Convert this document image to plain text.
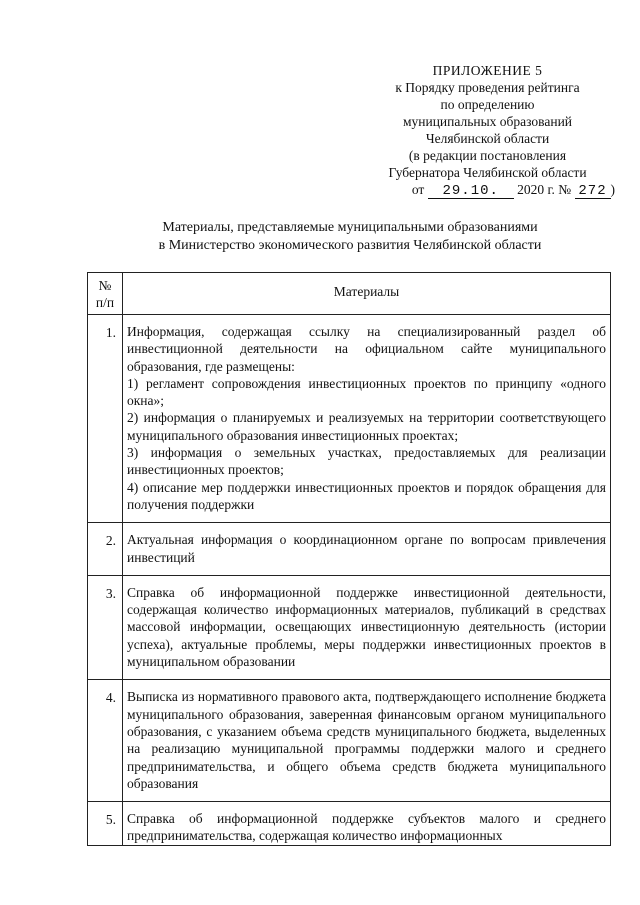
ПРИЛОЖЕНИЕ 5
к Порядку проведения рейтинга
по определению
муниципальных образований
Челябинской области
(в редакции постановления
Губернатора Челябинской области
от 29.10. 2020 г. № 272 )
Материалы, представляемые муниципальными образованиями
в Министерство экономического развития Челябинской области
№
п/п	Материалы
1.	Информация, содержащая ссылку на специализированный раздел об инвестиционной деятельности на официальном сайте муниципального образования, где размещены:
1) регламент сопровождения инвестиционных проектов по принципу «одного окна»;
2) информация о планируемых и реализуемых на территории соответствующего муниципального образования инвестиционных проектах;
3) информация о земельных участках, предоставляемых для реализации инвестиционных проектов;
4) описание мер поддержки инвестиционных проектов и порядок обращения для получения поддержки

2.	Актуальная информация о координационном органе по вопросам привлечения инвестиций
3.	Справка об информационной поддержке инвестиционной деятельности, содержащая количество информационных материалов, публикаций в средствах массовой информации, освещающих инвестиционную деятельность (истории успеха), актуальные проблемы, меры поддержки инвестиционных проектов в муниципальном образовании
4.	Выписка из нормативного правового акта, подтверждающего исполнение бюджета муниципального образования, заверенная финансовым органом муниципального образования, с указанием объема средств муниципального бюджета, выделенных на реализацию муниципальной программы поддержки малого и среднего предпринимательства, и общего объема средств бюджета муниципального образования
5.	Справка об информационной поддержке субъектов малого и среднего предпринимательства, содержащая количество информационных
